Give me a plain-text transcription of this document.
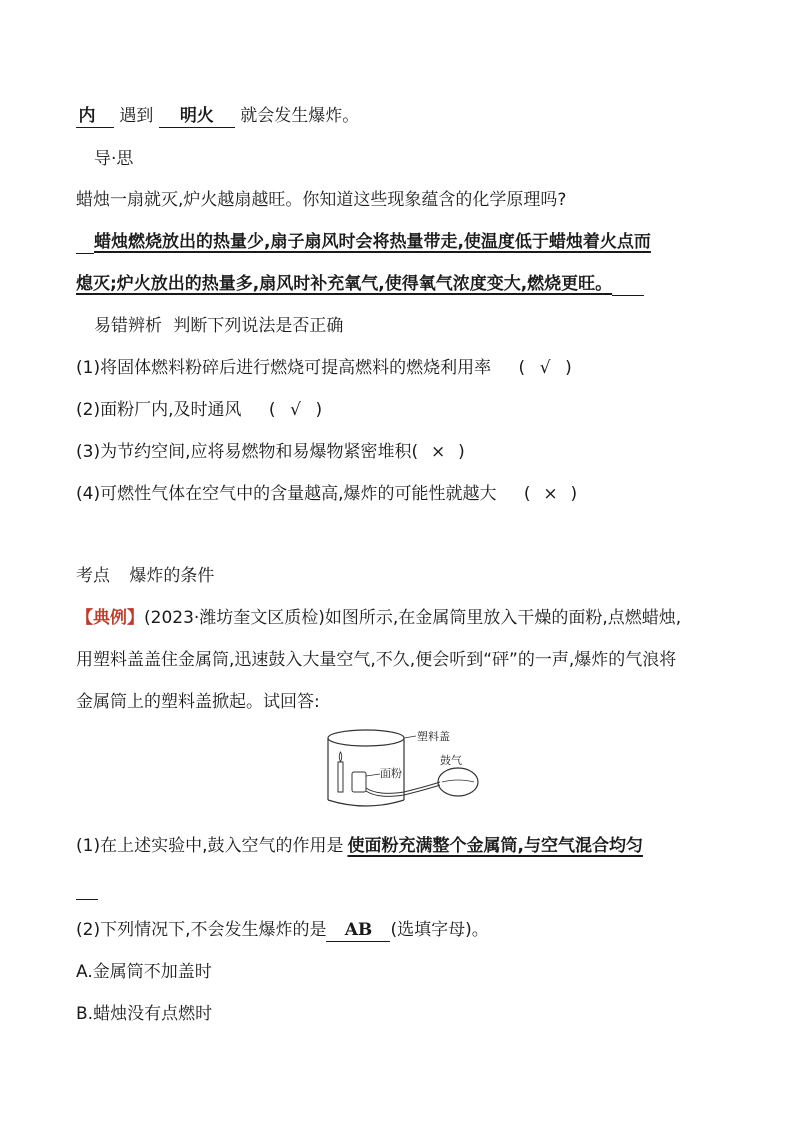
内 遇到 明火 就会发生爆炸。
导·思
蜡烛一扇就灭,炉火越扇越旺。你知道这些现象蕴含的化学原理吗?
蜡烛燃烧放出的热量少,扇子扇风时会将热量带走,使温度低于蜡烛着火点而
熄灭;炉火放出的热量多,扇风时补充氧气,使得氧气浓度变大,燃烧更旺。
易错辨析 判断下列说法是否正确
(1)将固体燃料粉碎后进行燃烧可提高燃料的燃烧利用率 ( √ )
(2)面粉厂内,及时通风 ( √ )
(3)为节约空间,应将易燃物和易爆物紧密堆积( × )
(4)可燃性气体在空气中的含量越高,爆炸的可能性就越大 ( × )
考点 爆炸的条件
【典例】(2023·潍坊奎文区质检)如图所示,在金属筒里放入干燥的面粉,点燃蜡烛,
用塑料盖盖住金属筒,迅速鼓入大量空气,不久,便会听到“砰”的一声,爆炸的气浪将
金属筒上的塑料盖掀起。试回答:
塑料盖
面粉
鼓气
(1)在上述实验中,鼓入空气的作用是 使面粉充满整个金属筒,与空气混合均匀
(2)下列情况下,不会发生爆炸的是 AB (选填字母)。
A.金属筒不加盖时
B.蜡烛没有点燃时
